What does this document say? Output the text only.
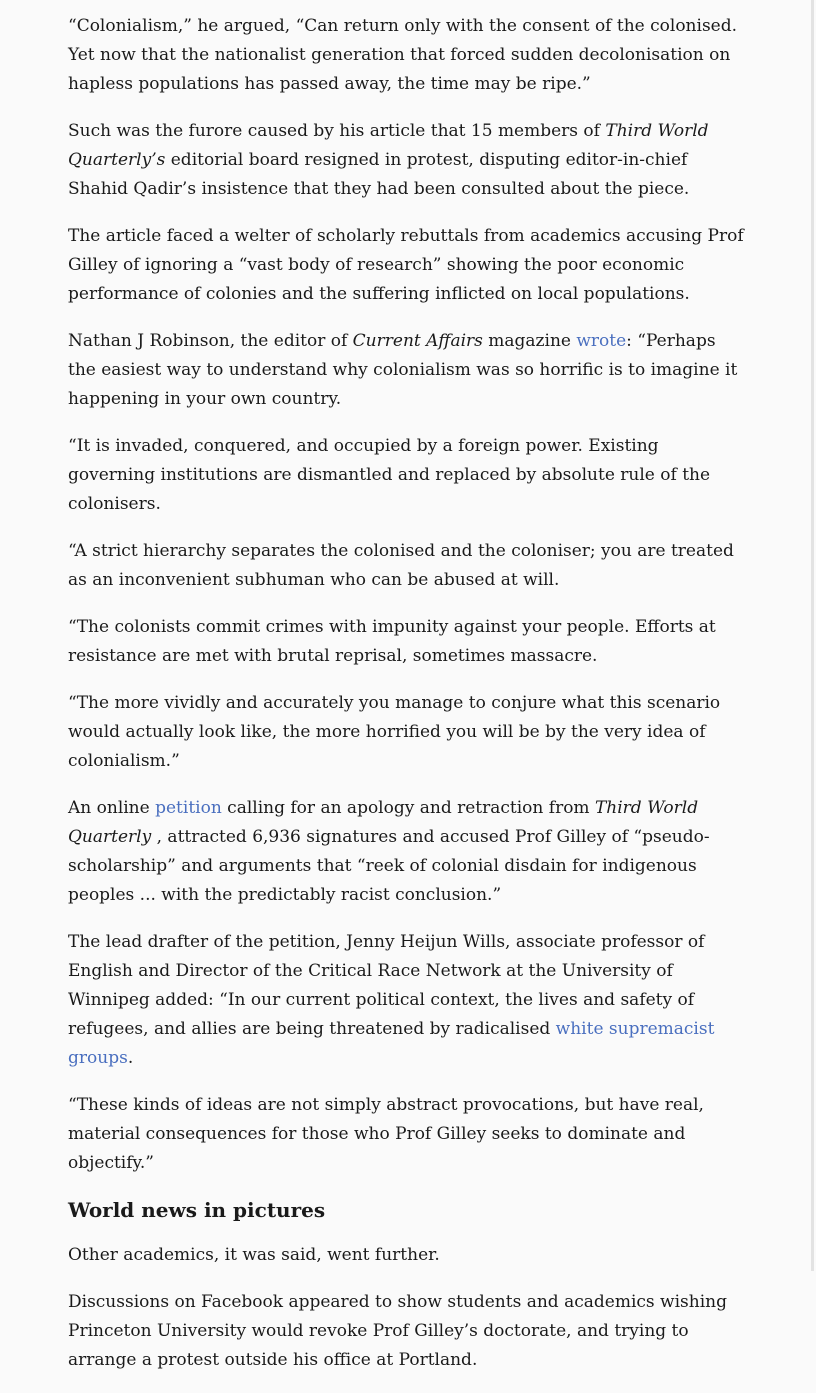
“Colonialism,” he argued, “Can return only with the consent of the colonised. Yet now that the nationalist generation that forced sudden decolonisation on hapless populations has passed away, the time may be ripe.”

Such was the furore caused by his article that 15 members of Third World Quarterly’s editorial board resigned in protest, disputing editor-in-chief Shahid Qadir’s insistence that they had been consulted about the piece.

The article faced a welter of scholarly rebuttals from academics accusing Prof Gilley of ignoring a “vast body of research” showing the poor economic performance of colonies and the suffering inflicted on local populations.

Nathan J Robinson, the editor of Current Affairs magazine wrote: “Perhaps the easiest way to understand why colonialism was so horrific is to imagine it happening in your own country.

“It is invaded, conquered, and occupied by a foreign power. Existing governing institutions are dismantled and replaced by absolute rule of the colonisers.

“A strict hierarchy separates the colonised and the coloniser; you are treated as an inconvenient subhuman who can be abused at will.

“The colonists commit crimes with impunity against your people. Efforts at resistance are met with brutal reprisal, sometimes massacre.

“The more vividly and accurately you manage to conjure what this scenario would actually look like, the more horrified you will be by the very idea of colonialism.”

An online petition calling for an apology and retraction from Third World Quarterly , attracted 6,936 signatures and accused Prof Gilley of “pseudo-scholarship” and arguments that “reek of colonial disdain for indigenous peoples ... with the predictably racist conclusion.”

The lead drafter of the petition, Jenny Heijun Wills, associate professor of English and Director of the Critical Race Network at the University of Winnipeg added: “In our current political context, the lives and safety of refugees, and allies are being threatened by radicalised white supremacist groups.

“These kinds of ideas are not simply abstract provocations, but have real, material consequences for those who Prof Gilley seeks to dominate and objectify.”

World news in pictures

Other academics, it was said, went further.

Discussions on Facebook appeared to show students and academics wishing Princeton University would revoke Prof Gilley’s doctorate, and trying to arrange a protest outside his office at Portland.
